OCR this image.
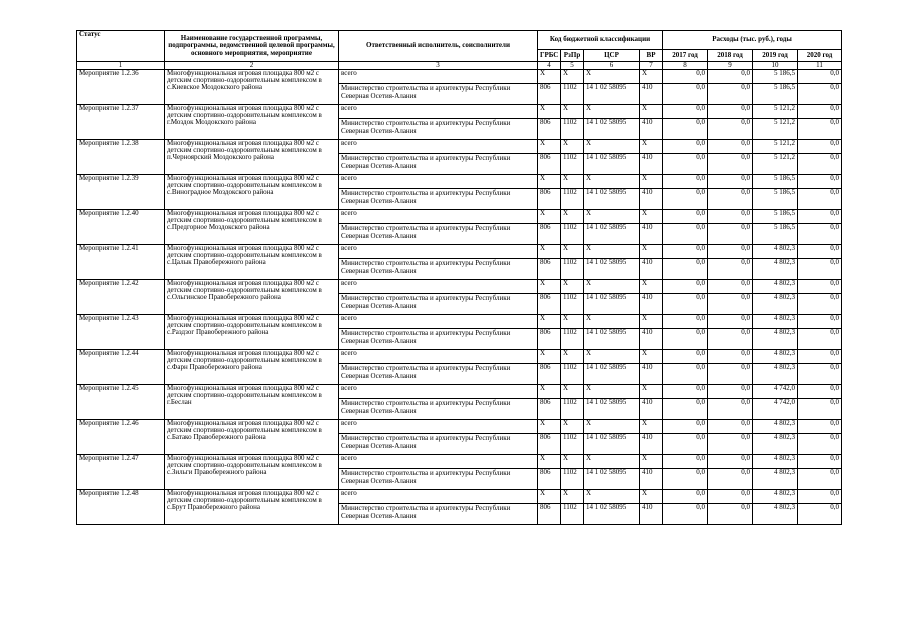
Статус	Наименование государственной программы, подпрограммы, ведомственной целевой программы, основного мероприятия, мероприятие	Ответственный исполнитель, соисполнители	Код бюджетной классификации				Расходы (тыс. руб.), годы			
			ГРБС	РзПр	ЦСР	ВР	2017 год	2018 год	2019 год	2020 год
1	2	3	4	5	6	7	8	9	10	11
Мероприятие 1.2.36	Многофункциональная игровая площадка 800 м2 с детским спортивно-оздоровительным комплексом в с.Киевское Моздокского района	всего	X	X	X	X	0,0	0,0	5 186,5	0,0
		Министерство строительства и архитектуры Республики Северная Осетия-Алания	806	1102	14 1 02 58095	410	0,0	0,0	5 186,5	0,0
Мероприятие 1.2.37	Многофункциональная игровая площадка 800 м2 с детским спортивно-оздоровительным комплексом в г.Моздок Моздокского района	всего	X	X	X	X	0,0	0,0	5 121,2	0,0
		Министерство строительства и архитектуры Республики Северная Осетия-Алания	806	1102	14 1 02 58095	410	0,0	0,0	5 121,2	0,0
Мероприятие 1.2.38	Многофункциональная игровая площадка 800 м2 с детским спортивно-оздоровительным комплексом в п.Черноярский Моздокского района	всего	X	X	X	X	0,0	0,0	5 121,2	0,0
		Министерство строительства и архитектуры Республики Северная Осетия-Алания	806	1102	14 1 02 58095	410	0,0	0,0	5 121,2	0,0
Мероприятие 1.2.39	Многофункциональная игровая площадка 800 м2 с детским спортивно-оздоровительным комплексом в с.Виноградное Моздокского района	всего	X	X	X	X	0,0	0,0	5 186,5	0,0
		Министерство строительства и архитектуры Республики Северная Осетия-Алания	806	1102	14 1 02 58095	410	0,0	0,0	5 186,5	0,0
Мероприятие 1.2.40	Многофункциональная игровая площадка 800 м2 с детским спортивно-оздоровительным комплексом в с.Предгорное Моздокского района	всего	X	X	X	X	0,0	0,0	5 186,5	0,0
		Министерство строительства и архитектуры Республики Северная Осетия-Алания	806	1102	14 1 02 58095	410	0,0	0,0	5 186,5	0,0
Мероприятие 1.2.41	Многофункциональная игровая площадка 800 м2 с детским спортивно-оздоровительным комплексом в с.Цалык Правобережного района	всего	X	X	X	X	0,0	0,0	4 802,3	0,0
		Министерство строительства и архитектуры Республики Северная Осетия-Алания	806	1102	14 1 02 58095	410	0,0	0,0	4 802,3	0,0
Мероприятие 1.2.42	Многофункциональная игровая площадка 800 м2 с детским спортивно-оздоровительным комплексом в с.Ольгинское Правобережного района	всего	X	X	X	X	0,0	0,0	4 802,3	0,0
		Министерство строительства и архитектуры Республики Северная Осетия-Алания	806	1102	14 1 02 58095	410	0,0	0,0	4 802,3	0,0
Мероприятие 1.2.43	Многофункциональная игровая площадка 800 м2 с детским спортивно-оздоровительным комплексом в с.Раздзог Правобережного района	всего	X	X	X	X	0,0	0,0	4 802,3	0,0
		Министерство строительства и архитектуры Республики Северная Осетия-Алания	806	1102	14 1 02 58095	410	0,0	0,0	4 802,3	0,0
Мероприятие 1.2.44	Многофункциональная игровая площадка 800 м2 с детским спортивно-оздоровительным комплексом в с.Фарн Правобережного района	всего	X	X	X	X	0,0	0,0	4 802,3	0,0
		Министерство строительства и архитектуры Республики Северная Осетия-Алания	806	1102	14 1 02 58095	410	0,0	0,0	4 802,3	0,0
Мероприятие 1.2.45	Многофункциональная игровая площадка 800 м2 с детским спортивно-оздоровительным комплексом в г.Беслан	всего	X	X	X	X	0,0	0,0	4 742,0	0,0
		Министерство строительства и архитектуры Республики Северная Осетия-Алания	806	1102	14 1 02 58095	410	0,0	0,0	4 742,0	0,0
Мероприятие 1.2.46	Многофункциональная игровая площадка 800 м2 с детским спортивно-оздоровительным комплексом в с.Батако Правобережного района	всего	X	X	X	X	0,0	0,0	4 802,3	0,0
		Министерство строительства и архитектуры Республики Северная Осетия-Алания	806	1102	14 1 02 58095	410	0,0	0,0	4 802,3	0,0
Мероприятие 1.2.47	Многофункциональная игровая площадка 800 м2 с детским спортивно-оздоровительным комплексом в с.Зильги Правобережного района	всего	X	X	X	X	0,0	0,0	4 802,3	0,0
		Министерство строительства и архитектуры Республики Северная Осетия-Алания	806	1102	14 1 02 58095	410	0,0	0,0	4 802,3	0,0
Мероприятие 1.2.48	Многофункциональная игровая площадка 800 м2 с детским спортивно-оздоровительным комплексом в с.Брут Правобережного района	всего	X	X	X	X	0,0	0,0	4 802,3	0,0
		Министерство строительства и архитектуры Республики Северная Осетия-Алания	806	1102	14 1 02 58095	410	0,0	0,0	4 802,3	0,0
